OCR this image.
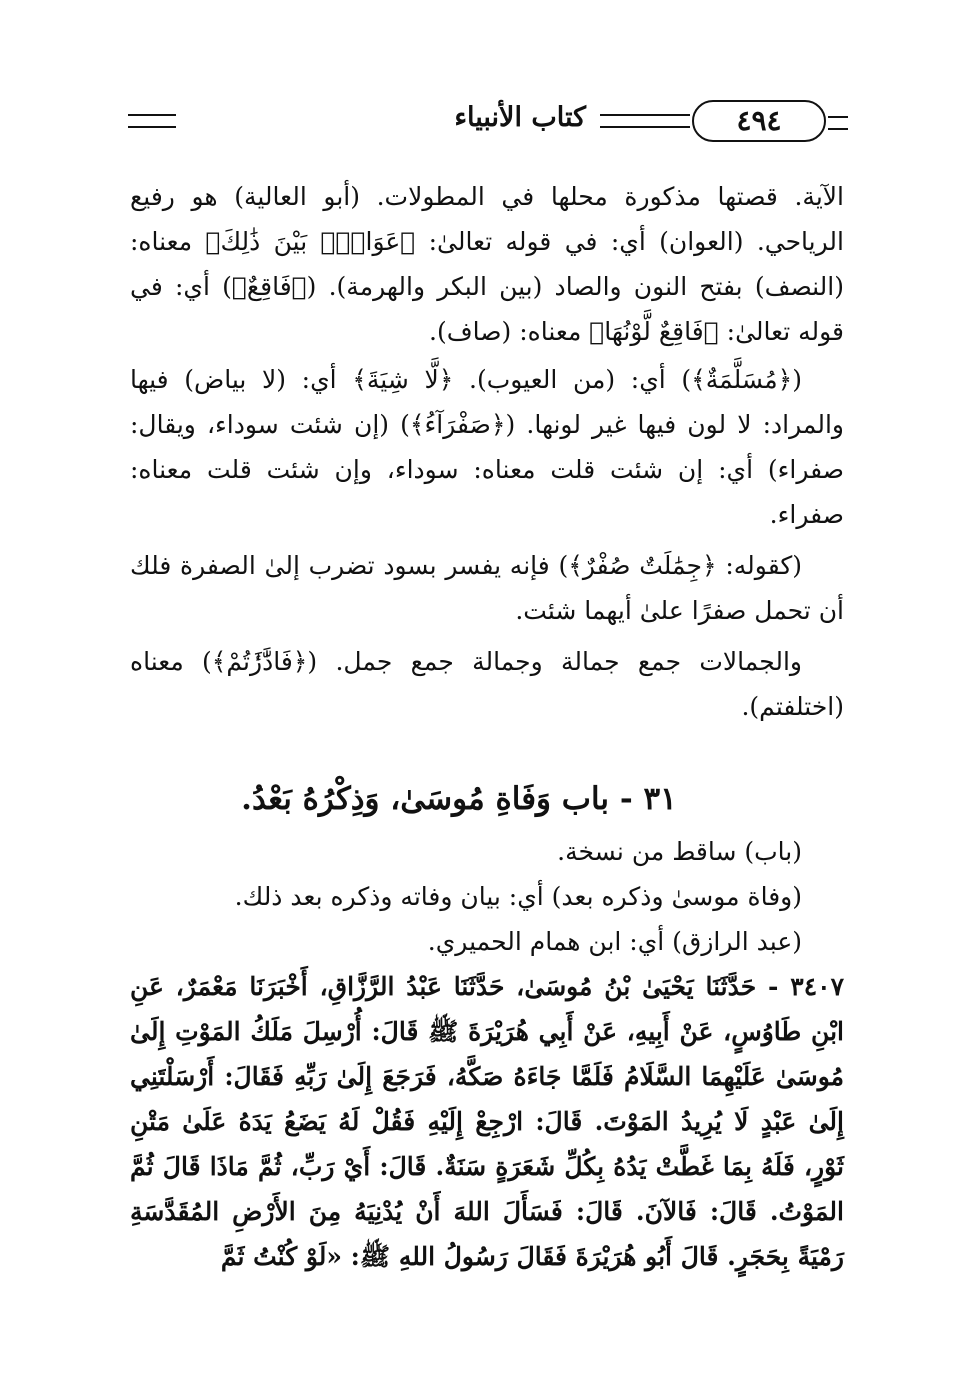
٤٩٤
كتاب الأنبياء

الآية. قصتها مذكورة محلها في المطولات. (أبو العالية) هو رفيع الرياحي. (العوان) أي: في قوله تعالىٰ: ﴿عَوَانٌۢ بَيْنَ ذَٰلِكَ﴾ معناه: (النصف) بفتح النون والصاد (بين البكر والهرمة). (﴿فَاقِعٌ﴾) أي: في قوله تعالىٰ: ﴿فَاقِعٌ لَّوْنُهَا﴾ معناه: (صاف).

(﴿مُسَلَّمَةٌ﴾) أي: (من العيوب). ﴿لَّا شِيَةَ﴾ أي: (لا بياض) فيها والمراد: لا لون فيها غير لونها. (﴿صَفْرَآءُ﴾) (إن شئت سوداء، ويقال: صفراء) أي: إن شئت قلت معناه: سوداء، وإن شئت قلت معناه: صفراء.

(كقوله: ﴿جِمَٰلَتٌ صُفْرٌ﴾) فإنه يفسر بسود تضرب إلىٰ الصفرة فلك أن تحمل صفرًا علىٰ أيهما شئت.

والجمالات جمع جمالة وجمالة جمع جمل. (﴿فَادَّٰرَٰٔتُمْ﴾) معناه (اختلفتم).

٣١ - باب وَفَاةِ مُوسَىٰ، وَذِكْرُهُ بَعْدُ.

(باب) ساقط من نسخة.

(وفاة موسىٰ وذكره بعد) أي: بيان وفاته وذكره بعد ذلك.

(عبد الرازق) أي: ابن همام الحميري.

٣٤٠٧ - حَدَّثَنَا يَحْيَىٰ بْنُ مُوسَىٰ، حَدَّثَنَا عَبْدُ الرَّزَّاقِ، أَخْبَرَنَا مَعْمَرٌ، عَنِ ابْنِ طَاوُسٍ، عَنْ أَبِيهِ، عَنْ أَبِي هُرَيْرَةَ ﷺ قَالَ: أُرْسِلَ مَلَكُ المَوْتِ إِلَىٰ مُوسَىٰ عَلَيْهِمَا السَّلَامُ فَلَمَّا جَاءَهُ صَكَّهُ، فَرَجَعَ إِلَىٰ رَبِّهِ فَقَالَ: أَرْسَلْتَنِي إِلَىٰ عَبْدٍ لَا يُرِيدُ المَوْتَ. قَالَ: ارْجِعْ إِلَيْهِ فَقُلْ لَهُ يَضَعُ يَدَهُ عَلَىٰ مَتْنِ ثَوْرٍ، فَلَهُ بِمَا غَطَّتْ يَدُهُ بِكُلِّ شَعَرَةٍ سَنَةٌ. قَالَ: أَيْ رَبِّ، ثُمَّ مَاذَا قَالَ ثُمَّ المَوْتُ. قَالَ: فَالآنَ. قَالَ: فَسَأَلَ اللهَ أَنْ يُدْنِيَهُ مِنَ الأَرْضِ المُقَدَّسَةِ رَمْيَةً بِحَجَرٍ. قَالَ أَبُو هُرَيْرَةَ فَقَالَ رَسُولُ اللهِ ﷺ: «لَوْ كُنْتُ ثَمَّ
